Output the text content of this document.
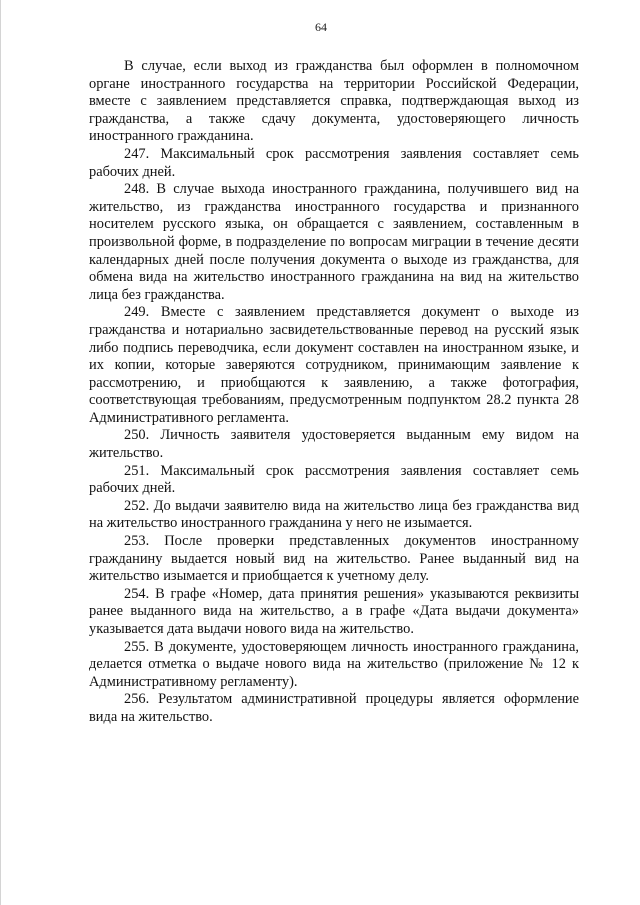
64

В случае, если выход из гражданства был оформлен в полномочном органе иностранного государства на территории Российской Федерации, вместе с заявлением представляется справка, подтверждающая выход из гражданства, а также сдачу документа, удостоверяющего личность иностранного гражданина.

247. Максимальный срок рассмотрения заявления составляет семь рабочих дней.

248. В случае выхода иностранного гражданина, получившего вид на жительство, из гражданства иностранного государства и признанного носителем русского языка, он обращается с заявлением, составленным в произвольной форме, в подразделение по вопросам миграции в течение десяти календарных дней после получения документа о выходе из гражданства, для обмена вида на жительство иностранного гражданина на вид на жительство лица без гражданства.

249. Вместе с заявлением представляется документ о выходе из гражданства и нотариально засвидетельствованные перевод на русский язык либо подпись переводчика, если документ составлен на иностранном языке, и их копии, которые заверяются сотрудником, принимающим заявление к рассмотрению, и приобщаются к заявлению, а также фотография, соответствующая требованиям, предусмотренным подпунктом 28.2 пункта 28 Административного регламента.

250. Личность заявителя удостоверяется выданным ему видом на жительство.

251. Максимальный срок рассмотрения заявления составляет семь рабочих дней.

252. До выдачи заявителю вида на жительство лица без гражданства вид на жительство иностранного гражданина у него не изымается.

253. После проверки представленных документов иностранному гражданину выдается новый вид на жительство. Ранее выданный вид на жительство изымается и приобщается к учетному делу.

254. В графе «Номер, дата принятия решения» указываются реквизиты ранее выданного вида на жительство, а в графе «Дата выдачи документа» указывается дата выдачи нового вида на жительство.

255. В документе, удостоверяющем личность иностранного гражданина, делается отметка о выдаче нового вида на жительство (приложение № 12 к Административному регламенту).

256. Результатом административной процедуры является оформление вида на жительство.
